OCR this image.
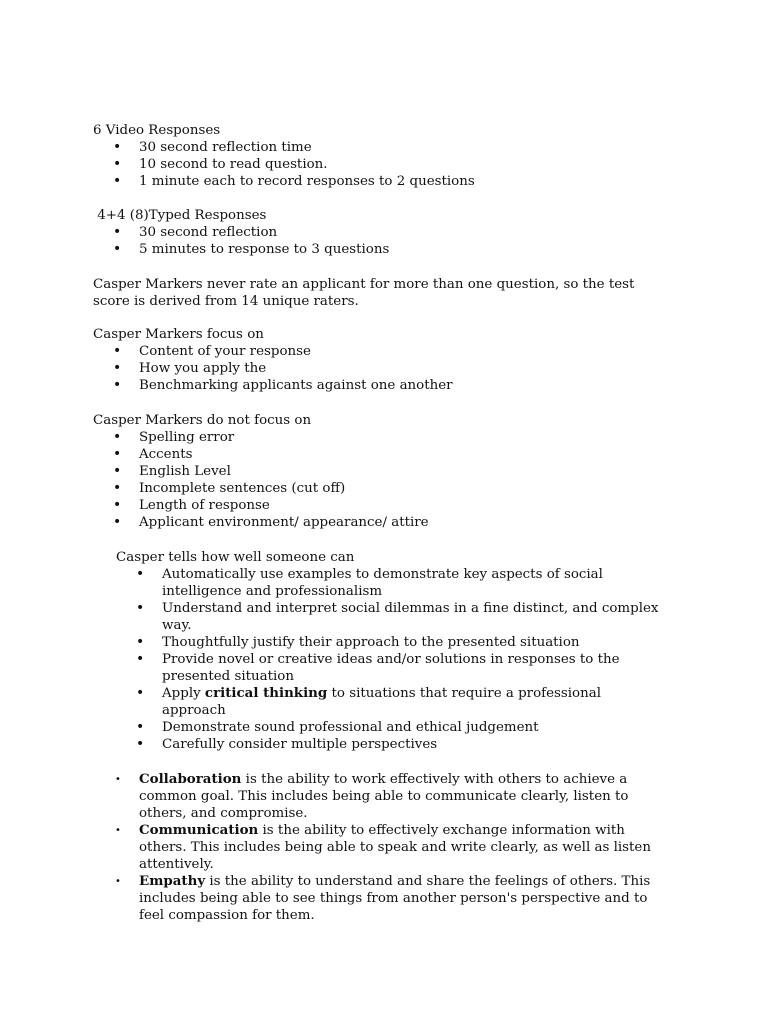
6 Video Responses

• 30 second reflection time
• 10 second to read question.
• 1 minute each to record responses to 2 questions

4+4 (8)Typed Responses

• 30 second reflection
• 5 minutes to response to 3 questions

Casper Markers never rate an applicant for more than one question, so the test score is derived from 14 unique raters.

Casper Markers focus on

• Content of your response
• How you apply the
• Benchmarking applicants against one another

Casper Markers do not focus on

• Spelling error
• Accents
• English Level
• Incomplete sentences (cut off)
• Length of response
• Applicant environment/ appearance/ attire

Casper tells how well someone can

• Automatically use examples to demonstrate key aspects of social intelligence and professionalism
• Understand and interpret social dilemmas in a fine distinct, and complex way.
• Thoughtfully justify their approach to the presented situation
• Provide novel or creative ideas and/or solutions in responses to the presented situation
• Apply critical thinking to situations that require a professional approach
• Demonstrate sound professional and ethical judgement
• Carefully consider multiple perspectives
• Collaboration is the ability to work effectively with others to achieve a common goal. This includes being able to communicate clearly, listen to others, and compromise.
• Communication is the ability to effectively exchange information with others. This includes being able to speak and write clearly, as well as listen attentively.
• Empathy is the ability to understand and share the feelings of others. This includes being able to see things from another person's perspective and to feel compassion for them.
